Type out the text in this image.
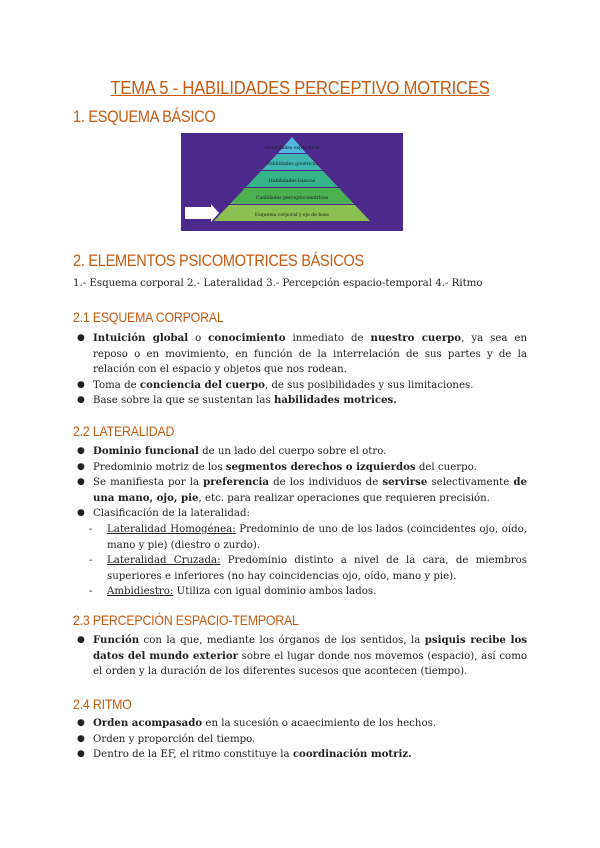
TEMA 5 - HABILIDADES PERCEPTIVO MOTRICES
1. ESQUEMA BÁSICO
Habilidades específicas
Habilidades genéricas
Habilidades básicas
Cualidades perceptivomotrices
Esquema corporal y eje de base
2. ELEMENTOS PSICOMOTRICES BÁSICOS
1.- Esquema corporal 2.- Lateralidad 3.- Percepción espacio-temporal 4.- Ritmo
2.1 ESQUEMA CORPORAL
● Intuición global o conocimiento inmediato de nuestro cuerpo, ya sea en reposo o en movimiento, en función de la interrelación de sus partes y de la relación con el espacio y objetos que nos rodean.
● Toma de conciencia del cuerpo, de sus posibilidades y sus limitaciones.
● Base sobre la que se sustentan las habilidades motrices.
2.2 LATERALIDAD
● Dominio funcional de un lado del cuerpo sobre el otro.
● Predominio motriz de los segmentos derechos o izquierdos del cuerpo.
● Se manifiesta por la preferencia de los individuos de servirse selectivamente de una mano, ojo, pie, etc. para realizar operaciones que requieren precisión.
● Clasificación de la lateralidad:
- Lateralidad Homogénea: Predominio de uno de los lados (coincidentes ojo, oído, mano y pie) (diestro o zurdo).
- Lateralidad Cruzada: Predominio distinto a nivel de la cara, de miembros superiores e inferiores (no hay coincidencias ojo, oído, mano y pie).
- Ambidiestro: Utiliza con igual dominio ambos lados.
2.3 PERCEPCIÓN ESPACIO-TEMPORAL
● Función con la que, mediante los órganos de los sentidos, la psiquis recibe los datos del mundo exterior sobre el lugar donde nos movemos (espacio), así como el orden y la duración de los diferentes sucesos que acontecen (tiempo).
2.4 RITMO
● Orden acompasado en la sucesión o acaecimiento de los hechos.
● Orden y proporción del tiempo.
● Dentro de la EF, el ritmo constituye la coordinación motriz.
